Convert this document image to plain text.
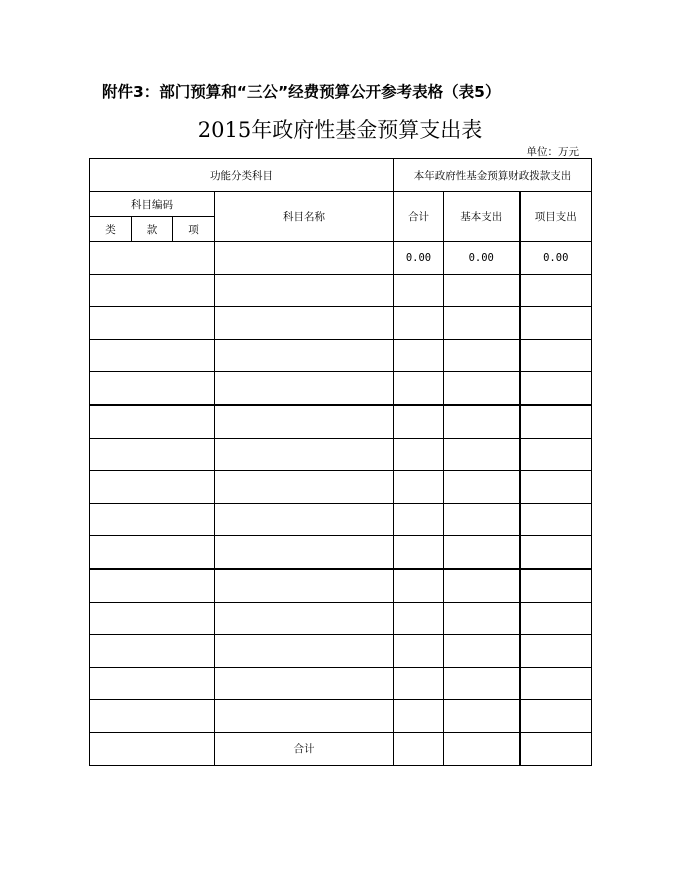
附件3：部门预算和“三公”经费预算公开参考表格（表5）
2015年政府性基金预算支出表
单位：万元
功能分类科目				本年政府性基金预算财政拨款支出		
科目编码			科目名称	合计	基本支出	项目支出
类	款	项				
				0.00	0.00	0.00

			合计			
